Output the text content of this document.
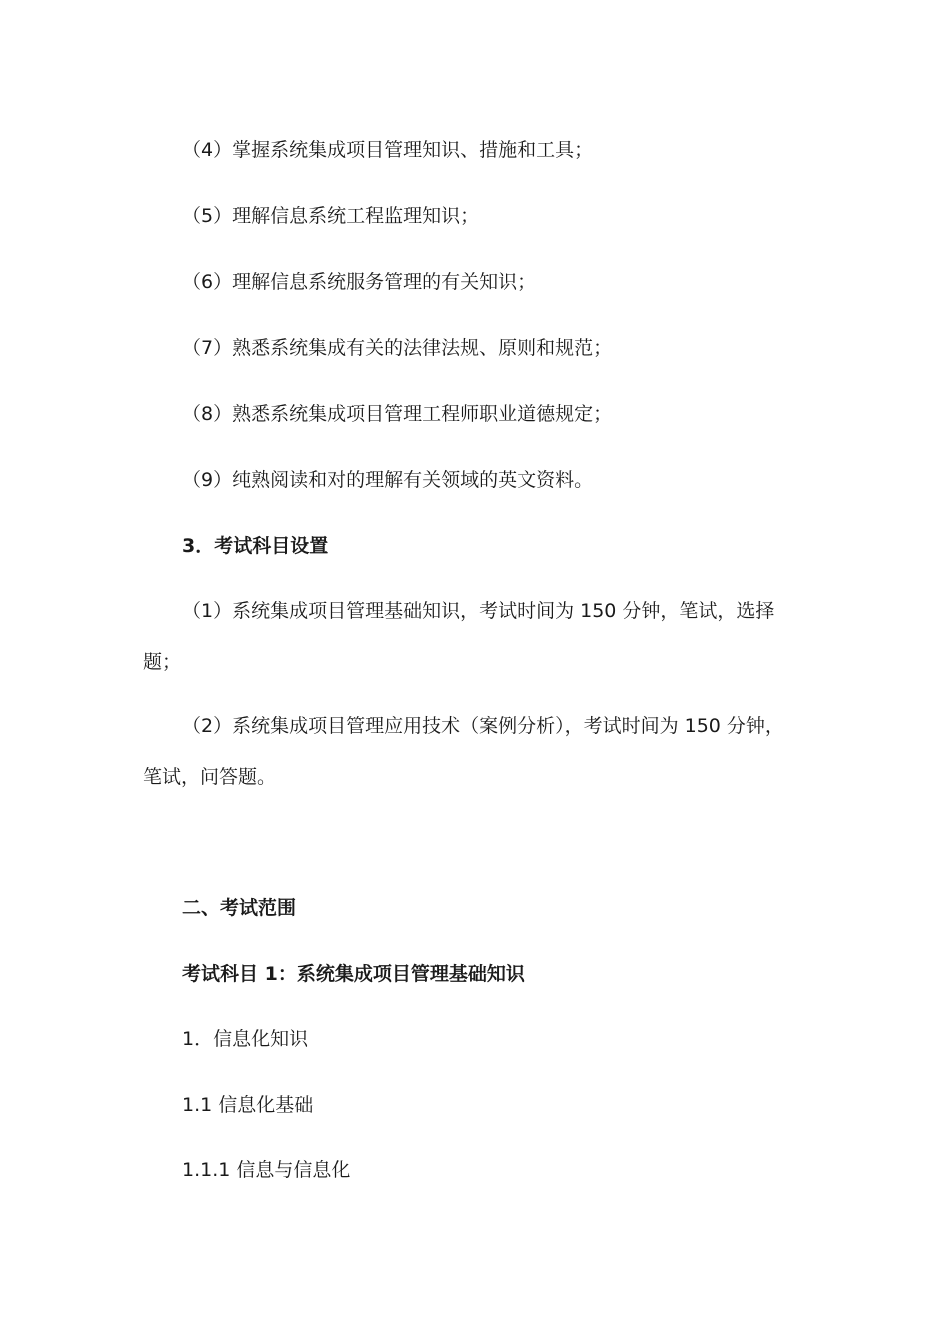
（4）掌握系统集成项目管理知识、措施和工具；
（5）理解信息系统工程监理知识；
（6）理解信息系统服务管理的有关知识；
（7）熟悉系统集成有关的法律法规、原则和规范；
（8）熟悉系统集成项目管理工程师职业道德规定；
（9）纯熟阅读和对的理解有关领域的英文资料。
3．考试科目设置
（1）系统集成项目管理基础知识，考试时间为 150 分钟，笔试，选择
题；
（2）系统集成项目管理应用技术（案例分析），考试时间为 150 分钟，
笔试，问答题。
二、考试范围
考试科目 1：系统集成项目管理基础知识
1．信息化知识
1.1 信息化基础
1.1.1 信息与信息化
